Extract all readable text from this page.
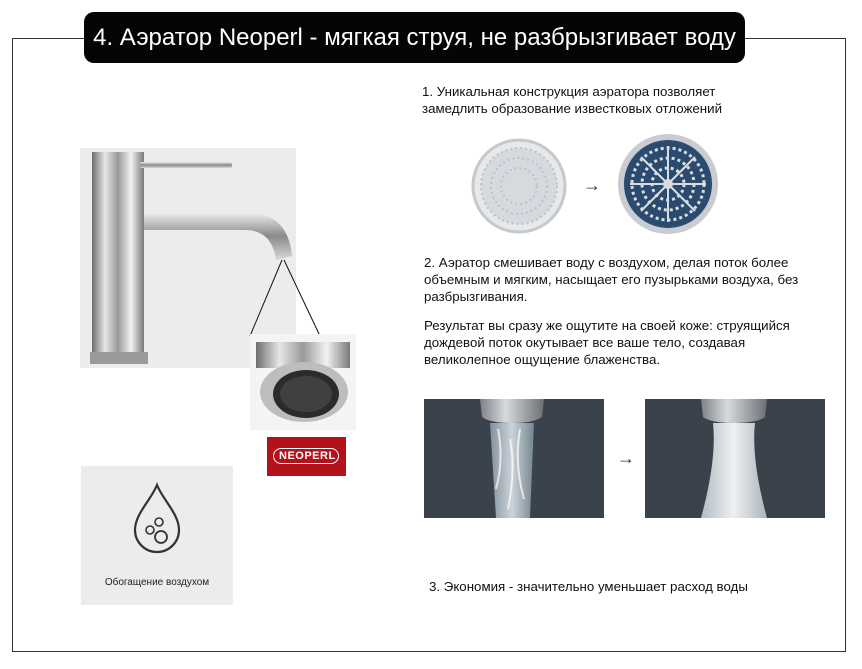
4. Аэратор Neoperl - мягкая струя, не разбрызгивает воду
NEOPERL
Обогащение воздухом
1. Уникальная конструкция аэратора позволяет
замедлить образование известковых отложений
→
2. Аэратор смешивает воду с воздухом, делая поток более
объемным и мягким, насыщает его пузырьками воздуха, без
разбрызгивания.
Результат вы сразу же ощутите на своей коже: струящийся
дождевой поток окутывает все ваше тело, создавая
великолепное ощущение блаженства.
→
3. Экономия - значительно уменьшает расход воды
